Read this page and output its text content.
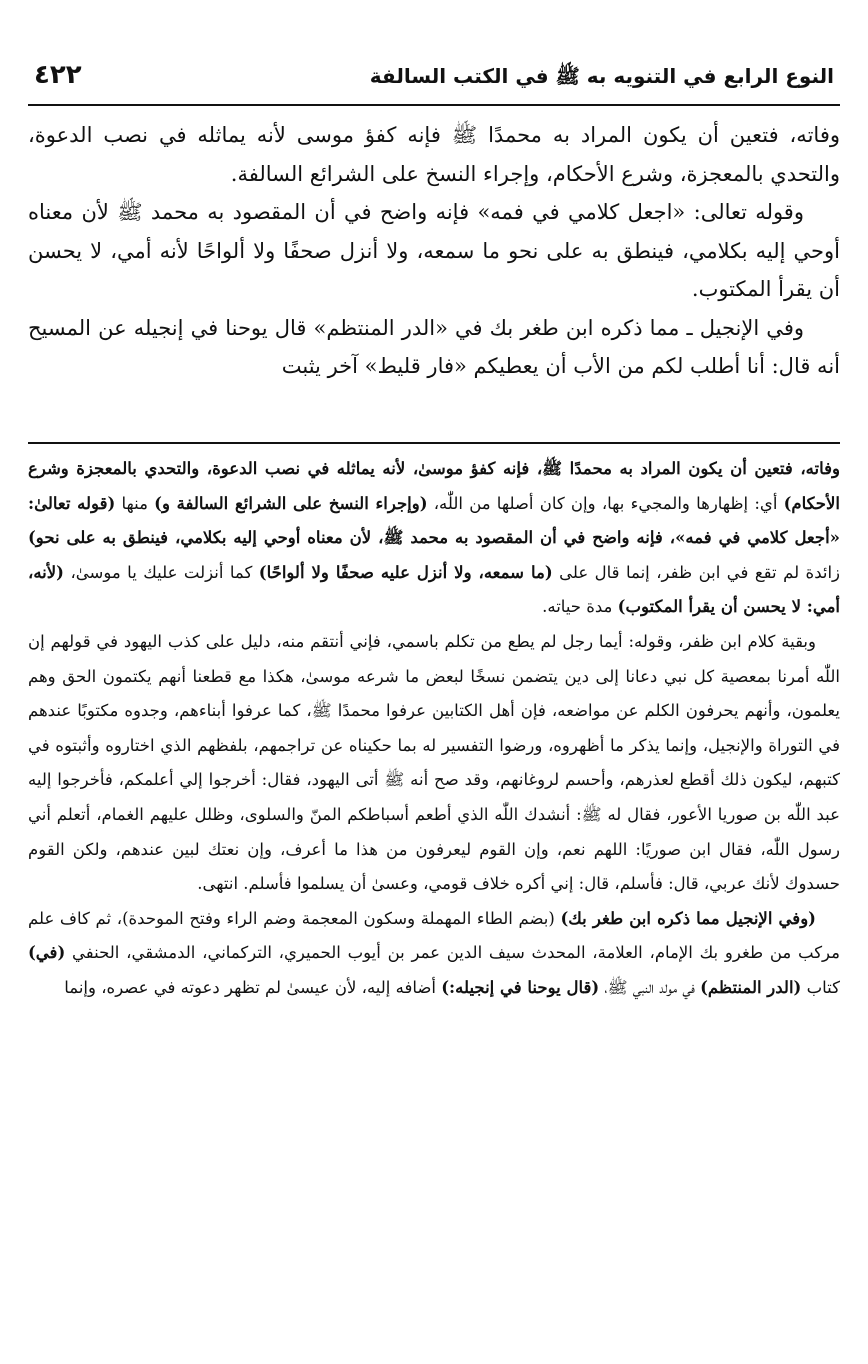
النوع الرابع في التنويه به ﷺ في الكتب السالفة
٤٢٢

وفاته، فتعين أن يكون المراد به محمدًا ﷺ فإنه كفؤ موسى لأنه يماثله في نصب الدعوة، والتحدي بالمعجزة، وشرع الأحكام، وإجراء النسخ على الشرائع السالفة.

وقوله تعالى: «اجعل كلامي في فمه» فإنه واضح في أن المقصود به محمد ﷺ لأن معناه أوحي إليه بكلامي، فينطق به على نحو ما سمعه، ولا أنزل صحفًا ولا ألواحًا لأنه أمي، لا يحسن أن يقرأ المكتوب.

وفي الإنجيل ـ مما ذكره ابن طغر بك في «الدر المنتظم» قال يوحنا في إنجيله عن المسيح أنه قال: أنا أطلب لكم من الأب أن يعطيكم «فار قليط» آخر يثبت

وفاته، فتعين أن يكون المراد به محمدًا ﷺ، فإنه كفؤ موسىٰ، لأنه يماثله في نصب الدعوة، والتحدي بالمعجزة وشرع الأحكام) أي: إظهارها والمجيء بها، وإن كان أصلها من اللّٰه، (وإجراء النسخ على الشرائع السالفة و) منها (قوله تعالىٰ: «أجعل كلامي في فمه»، فإنه واضح في أن المقصود به محمد ﷺ، لأن معناه أوحي إليه بكلامي، فينطق به على نحو) زائدة لم تقع في ابن ظفر، إنما قال على (ما سمعه، ولا أنزل عليه صحفًا ولا ألواحًا) كما أنزلت عليك يا موسىٰ، (لأنه، أمي: لا يحسن أن يقرأ المكتوب) مدة حياته.

وبقية كلام ابن ظفر، وقوله: أيما رجل لم يطع من تكلم باسمي، فإني أنتقم منه، دليل على كذب اليهود في قولهم إن اللّٰه أمرنا بمعصية كل نبي دعانا إلى دين يتضمن نسخًا لبعض ما شرعه موسىٰ، هكذا مع قطعنا أنهم يكتمون الحق وهم يعلمون، وأنهم يحرفون الكلم عن مواضعه، فإن أهل الكتابين عرفوا محمدًا ﷺ، كما عرفوا أبناءهم، وجدوه مكتوبًا عندهم في التوراة والإنجيل، وإنما يذكر ما أظهروه، ورضوا التفسير له بما حكيناه عن تراجمهم، بلفظهم الذي اختاروه وأثبتوه في كتبهم، ليكون ذلك أقطع لعذرهم، وأحسم لروغانهم، وقد صح أنه ﷺ أتى اليهود، فقال: أخرجوا إلي أعلمكم، فأخرجوا إليه عبد اللّٰه بن صوريا الأعور، فقال له ﷺ: أنشدك اللّٰه الذي أطعم أسباطكم المنّ والسلوى، وظلل عليهم الغمام، أتعلم أني رسول اللّٰه، فقال ابن صوريًا: اللهم نعم، وإن القوم ليعرفون من هذا ما أعرف، وإن نعتك لبين عندهم، ولكن القوم حسدوك لأنك عربي، قال: فأسلم، قال: إني أكره خلاف قومي، وعسىٰ أن يسلموا فأسلم. انتهى.

(وفي الإنجيل مما ذكره ابن طغر بك) (بضم الطاء المهملة وسكون المعجمة وضم الراء وفتح الموحدة)، ثم كاف علم مركب من طغرو بك الإمام، العلامة، المحدث سيف الدين عمر بن أيوب الحميري، التركماني، الدمشقي، الحنفي (في) كتاب (الدر المنتظم) في مولد النبي ﷺ، (قال يوحنا في إنجيله:) أضافه إليه، لأن عيسىٰ لم تظهر دعوته في عصره، وإنما
